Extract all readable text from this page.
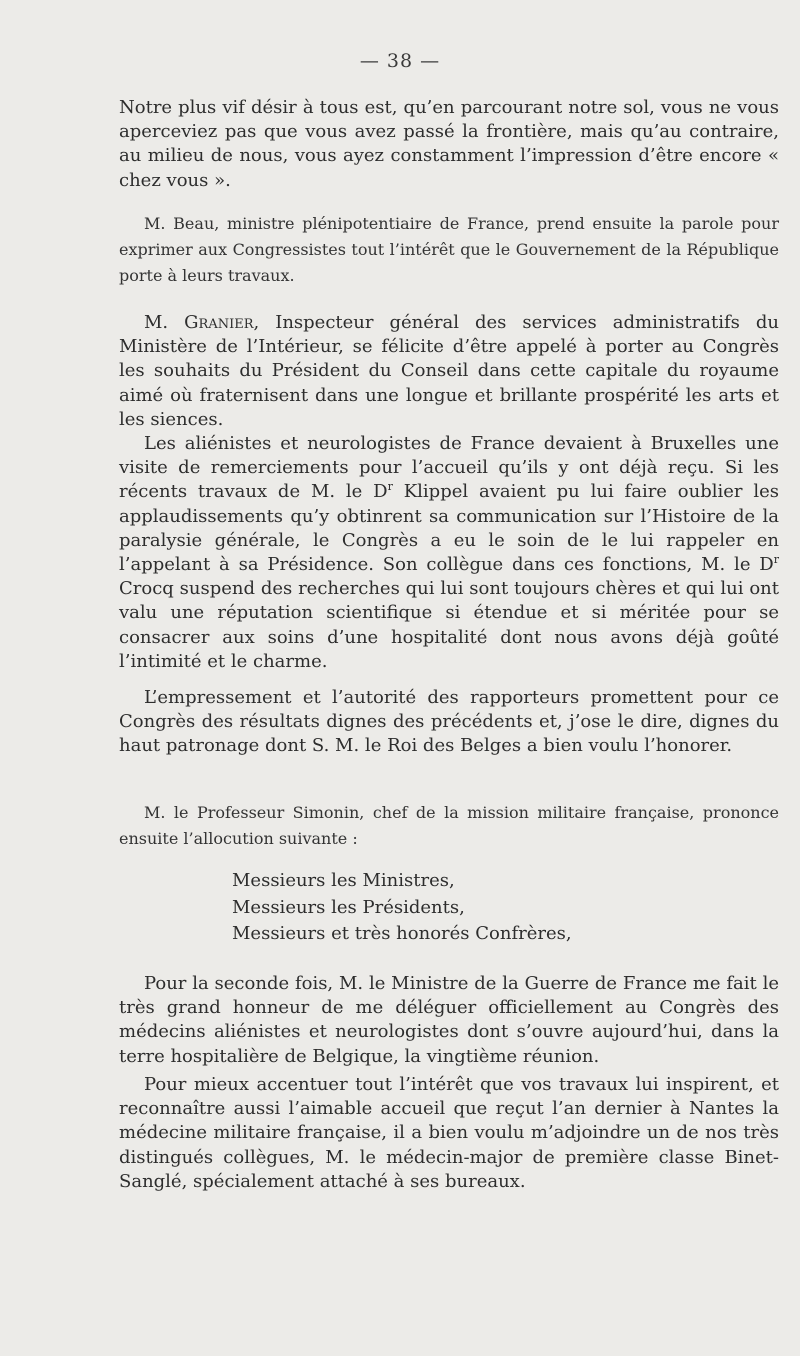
— 38 —

Notre plus vif désir à tous est, qu’en parcourant notre sol, vous ne vous aperceviez pas que vous avez passé la frontière, mais qu’au contraire, au milieu de nous, vous ayez constamment l’impression d’être encore « chez vous ».

M. Beau, ministre plénipotentiaire de France, prend ensuite la parole pour exprimer aux Congressistes tout l’intérêt que le Gouvernement de la République porte à leurs travaux.

M. Granier, Inspecteur général des services administratifs du Ministère de l’Intérieur, se félicite d’être appelé à porter au Congrès les souhaits du Président du Conseil dans cette capitale du royaume aimé où fraternisent dans une longue et brillante prospérité les arts et les siences.

Les aliénistes et neurologistes de France devaient à Bruxelles une visite de remerciements pour l’accueil qu’ils y ont déjà reçu. Si les récents travaux de M. le $D^r$ Klippel avaient pu lui faire oublier les applaudissements qu’y obtinrent sa communication sur l’Histoire de la paralysie générale, le Congrès a eu le soin de le lui rappeler en l’appelant à sa Présidence. Son collègue dans ces fonctions, M. le $D^r$ Crocq suspend des recherches qui lui sont toujours chères et qui lui ont valu une réputation scientifique si étendue et si méritée pour se consacrer aux soins d’une hospitalité dont nous avons déjà goûté l’intimité et le charme.

L’empressement et l’autorité des rapporteurs promettent pour ce Congrès des résultats dignes des précédents et, j’ose le dire, dignes du haut patronage dont S. M. le Roi des Belges a bien voulu l’honorer.

M. le Professeur Simonin, chef de la mission militaire française, prononce ensuite l’allocution suivante :

Messieurs les Ministres,
Messieurs les Présidents,
Messieurs et très honorés Confrères,

Pour la seconde fois, M. le Ministre de la Guerre de France me fait le très grand honneur de me déléguer officiellement au Congrès des médecins aliénistes et neurologistes dont s’ouvre aujourd’hui, dans la terre hospitalière de Belgique, la vingtième réunion.

Pour mieux accentuer tout l’intérêt que vos travaux lui inspirent, et reconnaître aussi l’aimable accueil que reçut l’an dernier à Nantes la médecine militaire française, il a bien voulu m’adjoindre un de nos très distingués collègues, M. le médecin-major de première classe Binet-Sanglé, spécialement attaché à ses bureaux.
